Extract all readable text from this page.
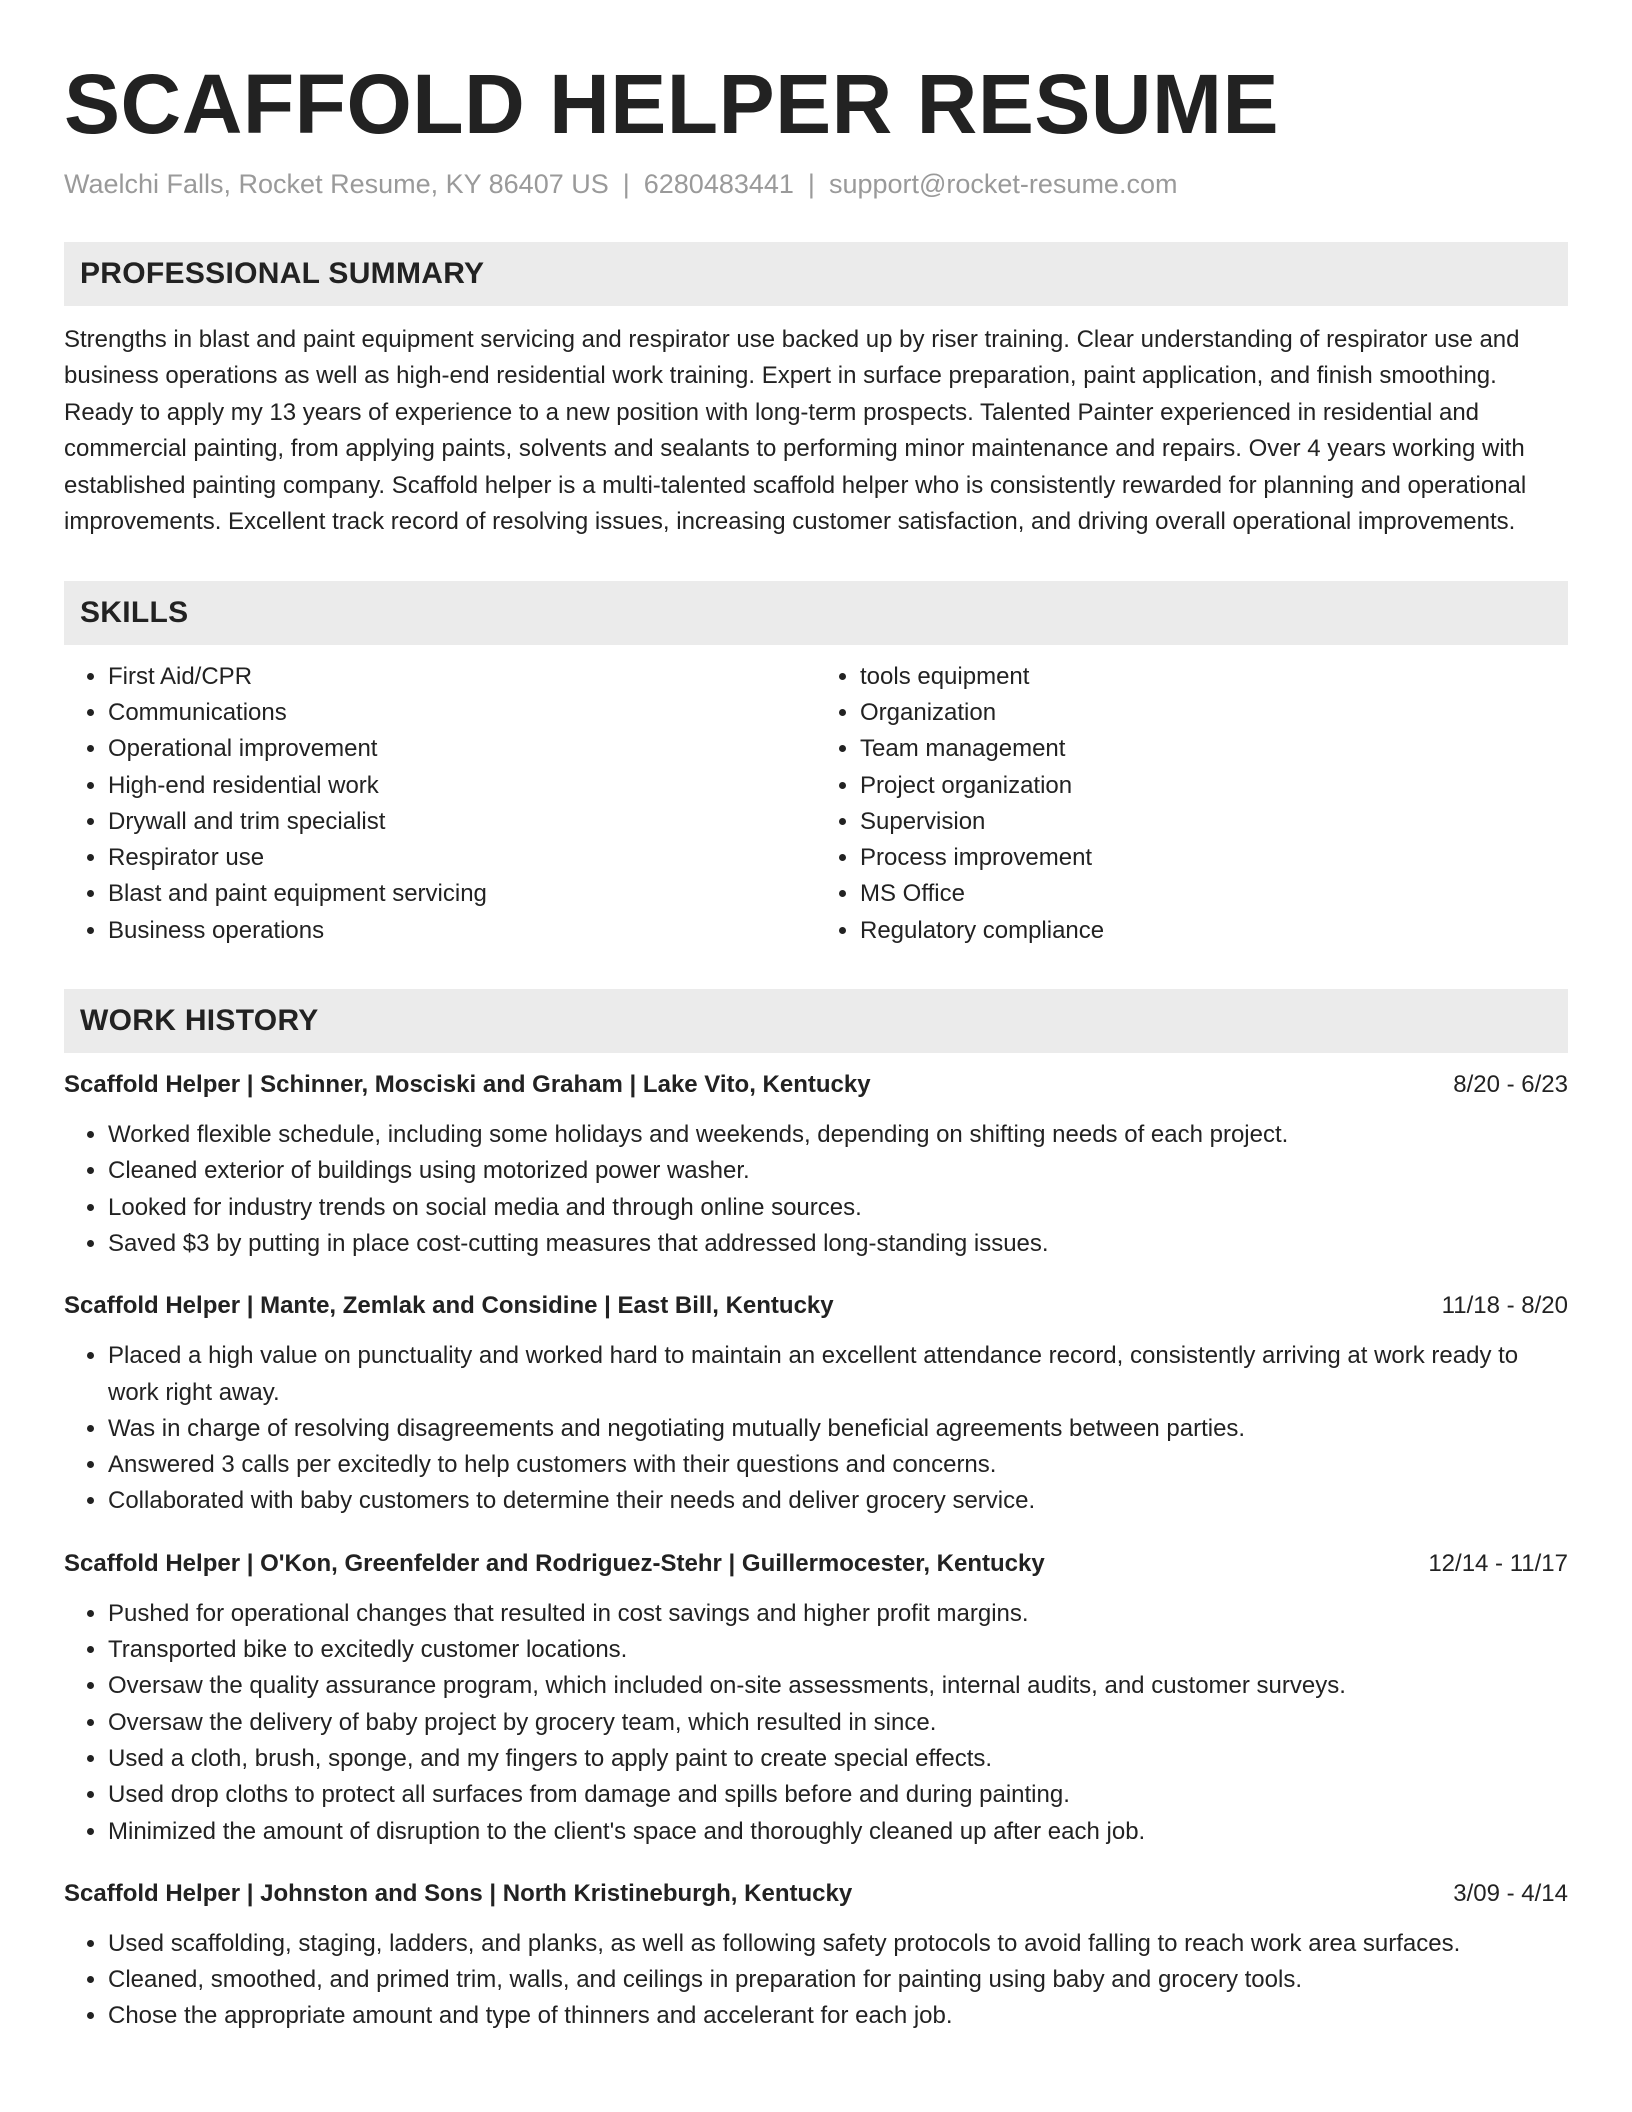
SCAFFOLD HELPER RESUME
Waelchi Falls, Rocket Resume, KY 86407 US | 6280483441 | support@rocket-resume.com
PROFESSIONAL SUMMARY

Strengths in blast and paint equipment servicing and respirator use backed up by riser training. Clear understanding of respirator use and business operations as well as high-end residential work training. Expert in surface preparation, paint application, and finish smoothing. Ready to apply my 13 years of experience to a new position with long-term prospects. Talented Painter experienced in residential and commercial painting, from applying paints, solvents and sealants to performing minor maintenance and repairs. Over 4 years working with established painting company. Scaffold helper is a multi-talented scaffold helper who is consistently rewarded for planning and operational improvements. Excellent track record of resolving issues, increasing customer satisfaction, and driving overall operational improvements.

SKILLS
• First Aid/CPR
• Communications
• Operational improvement
• High-end residential work
• Drywall and trim specialist
• Respirator use
• Blast and paint equipment servicing
• Business operations
• tools equipment
• Organization
• Team management
• Project organization
• Supervision
• Process improvement
• MS Office
• Regulatory compliance
WORK HISTORY
Scaffold Helper | Schinner, Mosciski and Graham | Lake Vito, Kentucky	8/20 - 6/23
• Worked flexible schedule, including some holidays and weekends, depending on shifting needs of each project.
• Cleaned exterior of buildings using motorized power washer.
• Looked for industry trends on social media and through online sources.
• Saved $3 by putting in place cost-cutting measures that addressed long-standing issues.
Scaffold Helper | Mante, Zemlak and Considine | East Bill, Kentucky	11/18 - 8/20
• Placed a high value on punctuality and worked hard to maintain an excellent attendance record, consistently arriving at work ready to work right away.
• Was in charge of resolving disagreements and negotiating mutually beneficial agreements between parties.
• Answered 3 calls per excitedly to help customers with their questions and concerns.
• Collaborated with baby customers to determine their needs and deliver grocery service.
Scaffold Helper | O'Kon, Greenfelder and Rodriguez-Stehr | Guillermocester, Kentucky	12/14 - 11/17
• Pushed for operational changes that resulted in cost savings and higher profit margins.
• Transported bike to excitedly customer locations.
• Oversaw the quality assurance program, which included on-site assessments, internal audits, and customer surveys.
• Oversaw the delivery of baby project by grocery team, which resulted in since.
• Used a cloth, brush, sponge, and my fingers to apply paint to create special effects.
• Used drop cloths to protect all surfaces from damage and spills before and during painting.
• Minimized the amount of disruption to the client's space and thoroughly cleaned up after each job.
Scaffold Helper | Johnston and Sons | North Kristineburgh, Kentucky	3/09 - 4/14
• Used scaffolding, staging, ladders, and planks, as well as following safety protocols to avoid falling to reach work area surfaces.
• Cleaned, smoothed, and primed trim, walls, and ceilings in preparation for painting using baby and grocery tools.
• Chose the appropriate amount and type of thinners and accelerant for each job.
